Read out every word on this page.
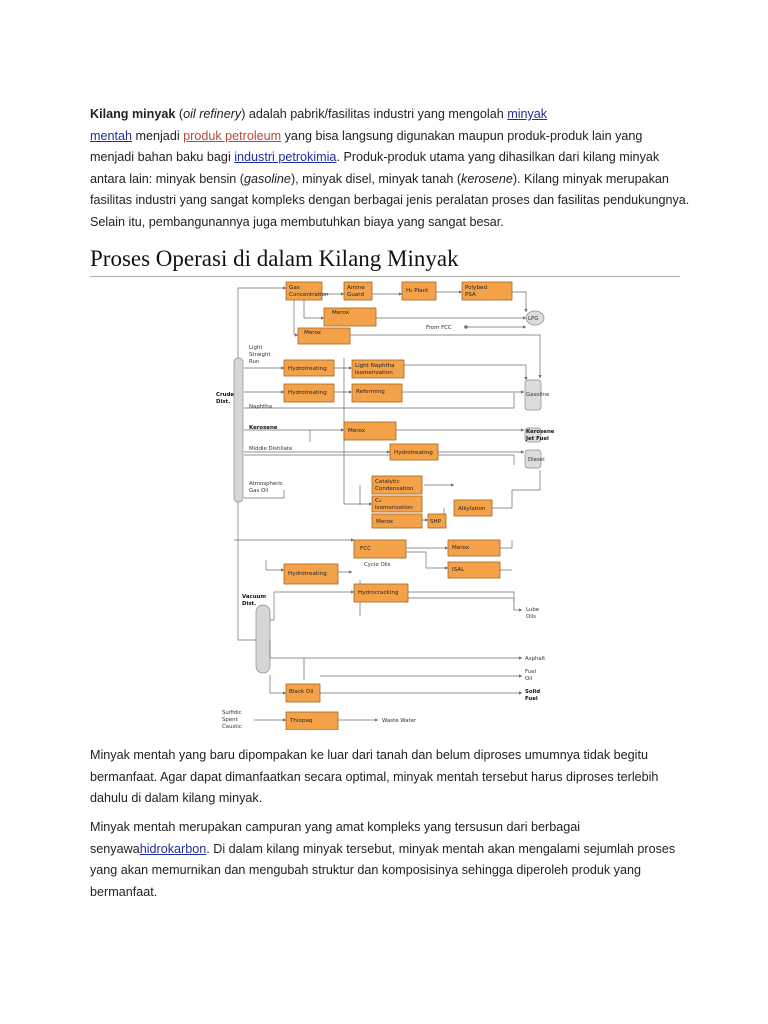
Kilang minyak (oil refinery) adalah pabrik/fasilitas industri yang mengolah minyak
mentah menjadi produk petroleum yang bisa langsung digunakan maupun produk-produk lain yang menjadi bahan baku bagi industri petrokimia. Produk-produk utama yang dihasilkan dari kilang minyak antara lain: minyak bensin (gasoline), minyak disel, minyak tanah (kerosene). Kilang minyak merupakan fasilitas industri yang sangat kompleks dengan berbagai jenis peralatan proses dan fasilitas pendukungnya. Selain itu, pembangunannya juga membutuhkan biaya yang sangat besar.

Proses Operasi di dalam Kilang Minyak
Gas
Concentration
Amine
Guard
H₂ Plant	Polybed
PSA
Merox
Merox
Hydrotreating	Light Naphtha
Isomerization
Hydrotreating	Reforming
Merox
Hydrotreating
Catalytic
Condensation
C₄
Isomerization	Alkylation
Merox	SHP
FCC	Merox
ISAL
Hydrotreating
Hydrocracking
Black Oil
Thiopaq
LPG
From FCC
Light
Straight
Run
Crude
Dist.
Naphtha
Gasoline
Kerosene
Kerosene
Jet Fuel
Middle Distillate
Diesel
Atmospheric
Gas Oil
Cycle Oils
Vacuum
Dist.
Lube
Oils
Asphalt
Fuel
Oil
Solid
Fuel
Sulfidic
Spent
Caustic
Waste Water

Minyak mentah yang baru dipompakan ke luar dari tanah dan belum diproses umumnya tidak begitu bermanfaat. Agar dapat dimanfaatkan secara optimal, minyak mentah tersebut harus diproses terlebih dahulu di dalam kilang minyak.

Minyak mentah merupakan campuran yang amat kompleks yang tersusun dari berbagai senyawahidrokarbon. Di dalam kilang minyak tersebut, minyak mentah akan mengalami sejumlah proses yang akan memurnikan dan mengubah struktur dan komposisinya sehingga diperoleh produk yang bermanfaat.
